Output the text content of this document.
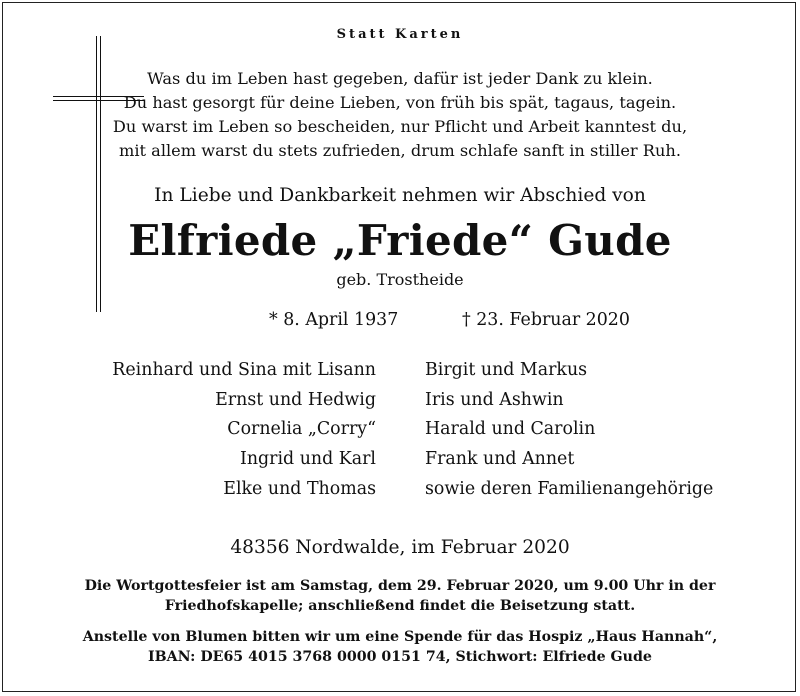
Statt Karten
Was du im Leben hast gegeben, dafür ist jeder Dank zu klein.
Du hast gesorgt für deine Lieben, von früh bis spät, tagaus, tagein.
Du warst im Leben so bescheiden, nur Pflicht und Arbeit kanntest du,
mit allem warst du stets zufrieden, drum schlafe sanft in stiller Ruh.
In Liebe und Dankbarkeit nehmen wir Abschied von
Elfriede „Friede“ Gude
geb. Trostheide
* 8. April 1937	† 23. Februar 2020
Reinhard und Sina mit Lisann
Ernst und Hedwig
Cornelia „Corry“
Ingrid und Karl
Elke und Thomas
Birgit und Markus
Iris und Ashwin
Harald und Carolin
Frank und Annet
sowie deren Familienangehörige
48356 Nordwalde, im Februar 2020
Die Wortgottesfeier ist am Samstag, dem 29. Februar 2020, um 9.00 Uhr in der
Friedhofskapelle; anschließend findet die Beisetzung statt.
Anstelle von Blumen bitten wir um eine Spende für das Hospiz „Haus Hannah“,
IBAN: DE65 4015 3768 0000 0151 74, Stichwort: Elfriede Gude
